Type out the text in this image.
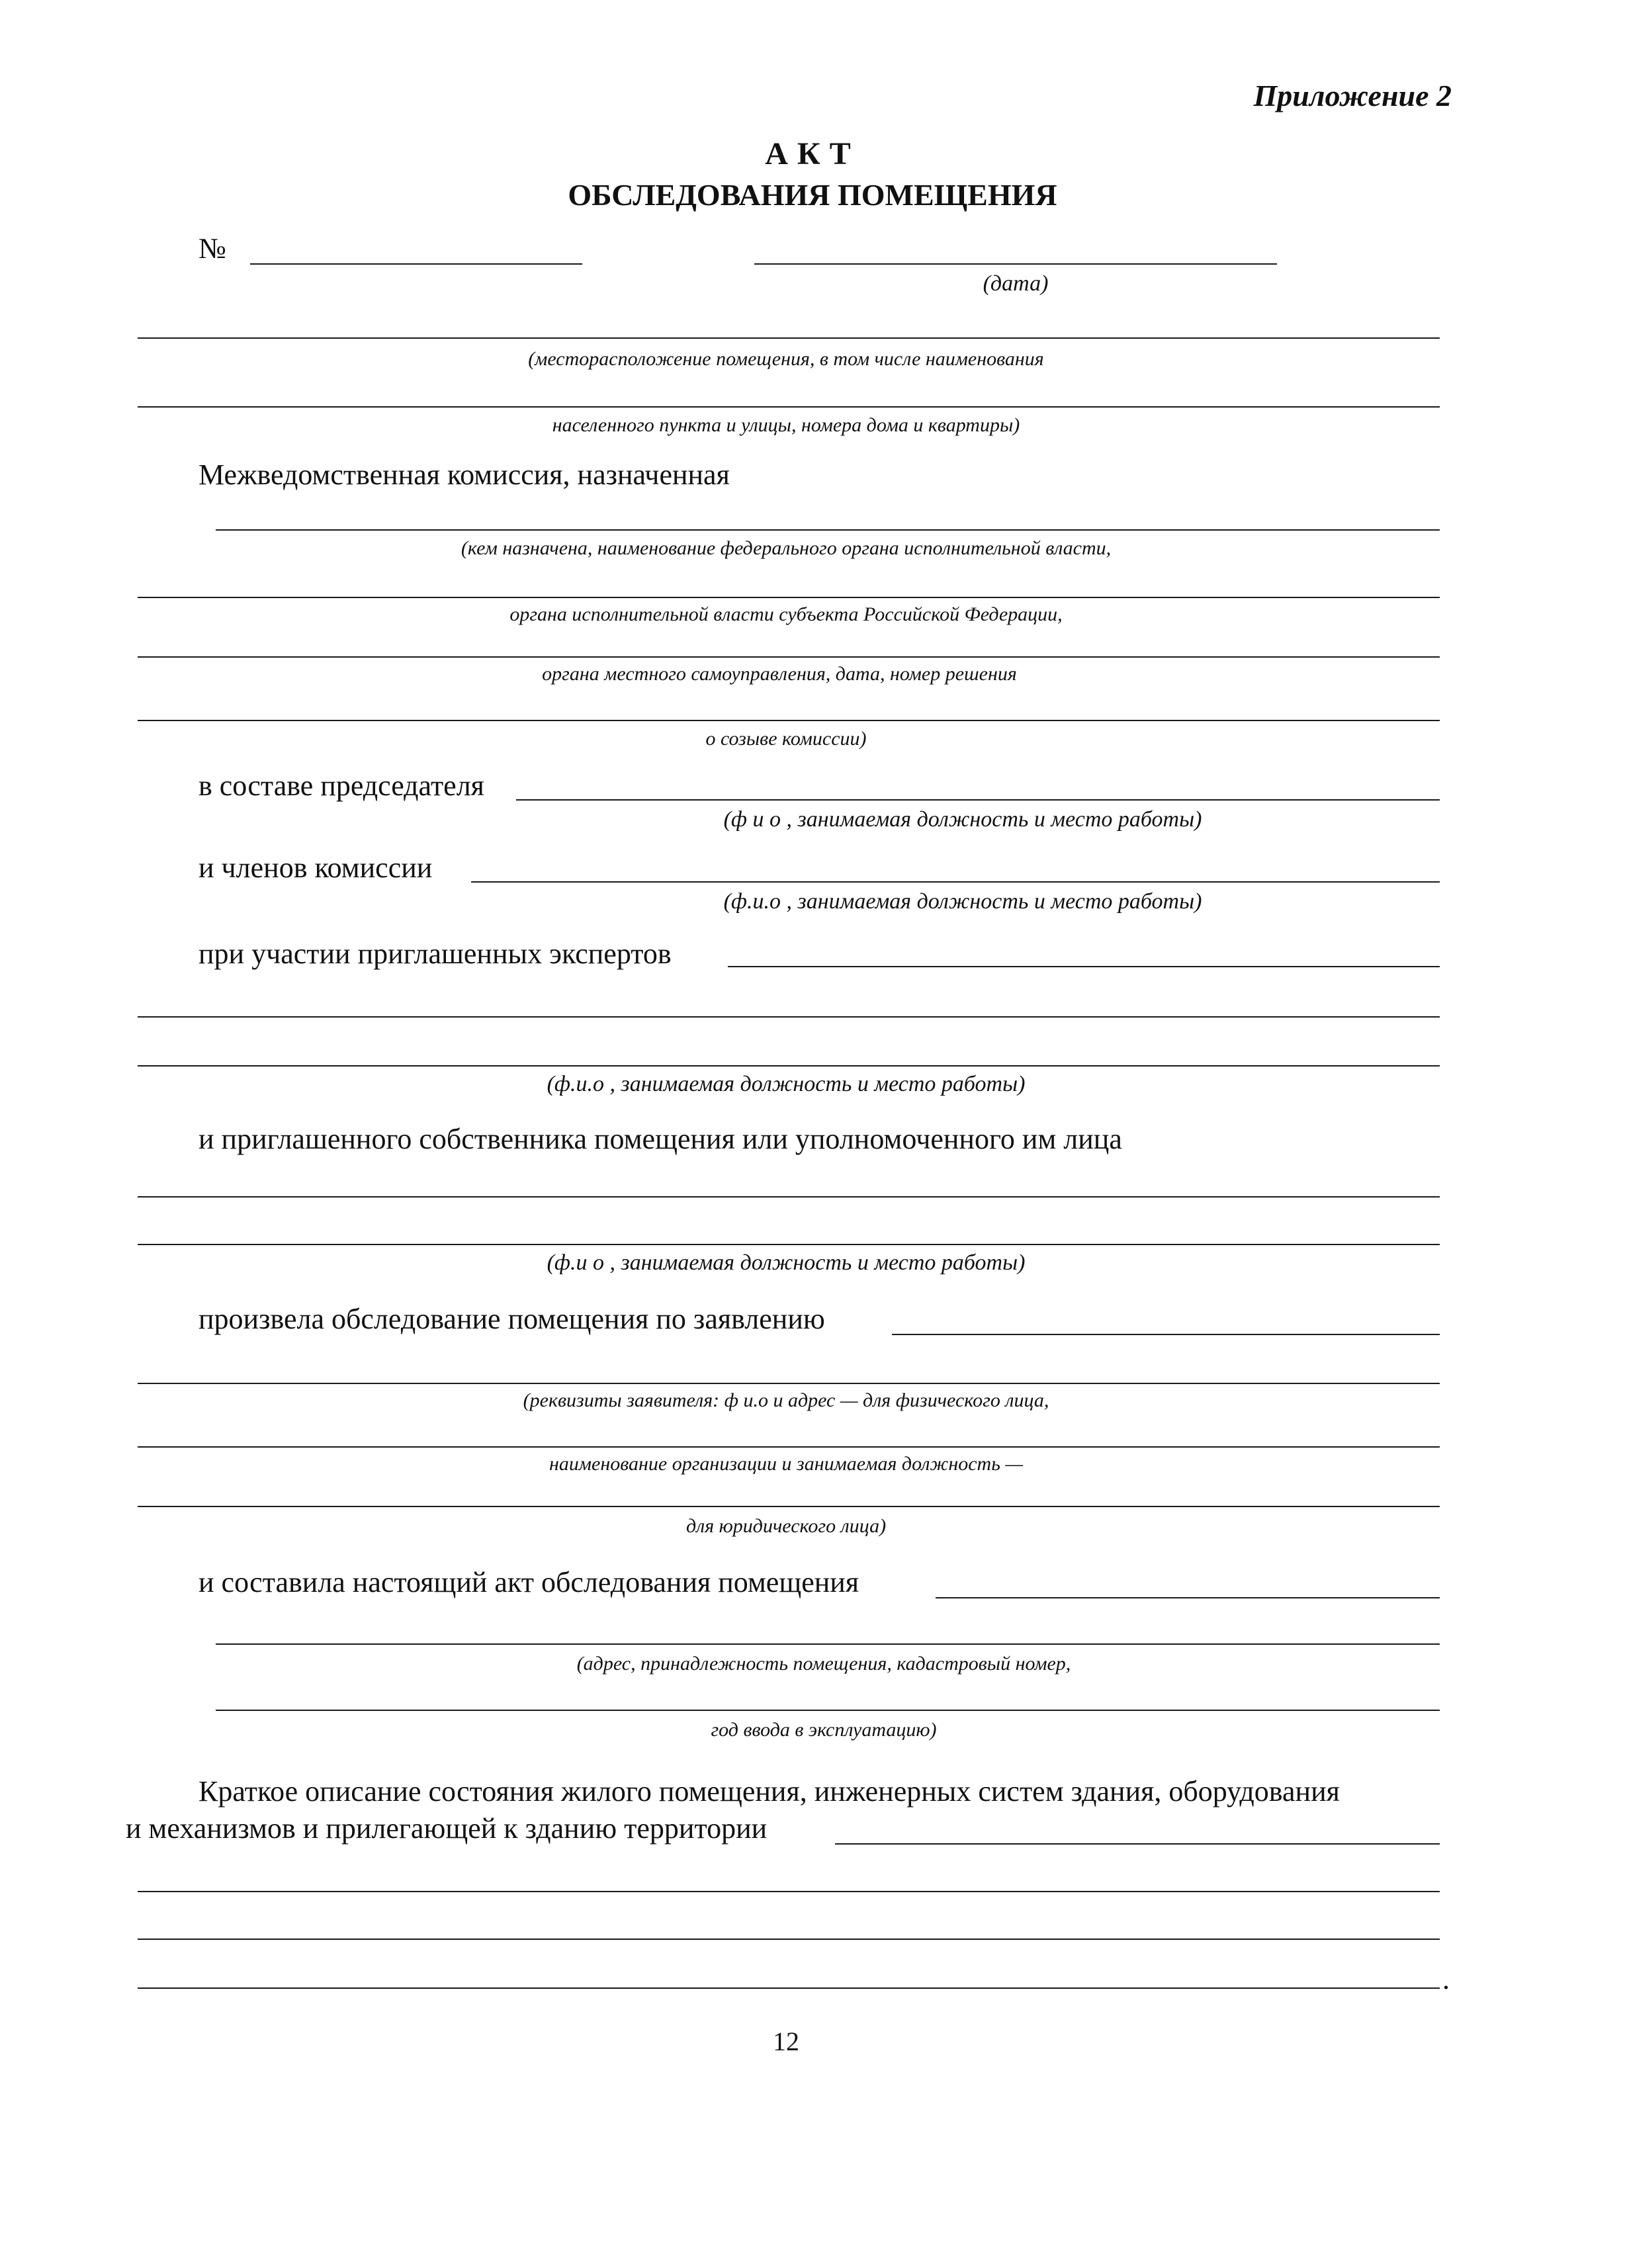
Приложение 2
АКТ
ОБСЛЕДОВАНИЯ ПОМЕЩЕНИЯ
№
(дата)
(месторасположение помещения, в том числе наименования
населенного пункта и улицы, номера дома и квартиры)
Межведомственная комиссия, назначенная
(кем назначена, наименование федерального органа исполнительной власти,
органа исполнительной власти субъекта Российской Федерации,
органа местного самоуправления, дата, номер решения
о созыве комиссии)
в составе председателя
(ф и о , занимаемая должность и место работы)
и членов комиссии
(ф.и.о , занимаемая должность и место работы)
при участии приглашенных экспертов
(ф.и.о , занимаемая должность и место работы)
и приглашенного собственника помещения или уполномоченного им лица
(ф.и о , занимаемая должность и место работы)
произвела обследование помещения по заявлению
(реквизиты заявителя: ф и.о и адрес — для физического лица,
наименование организации и занимаемая должность —
для юридического лица)
и составила настоящий акт обследования помещения
(адрес, принадлежность помещения, кадастровый номер,
год ввода в эксплуатацию)
Краткое описание состояния жилого помещения, инженерных систем здания, оборудования
и механизмов и прилегающей к зданию территории
.
12
